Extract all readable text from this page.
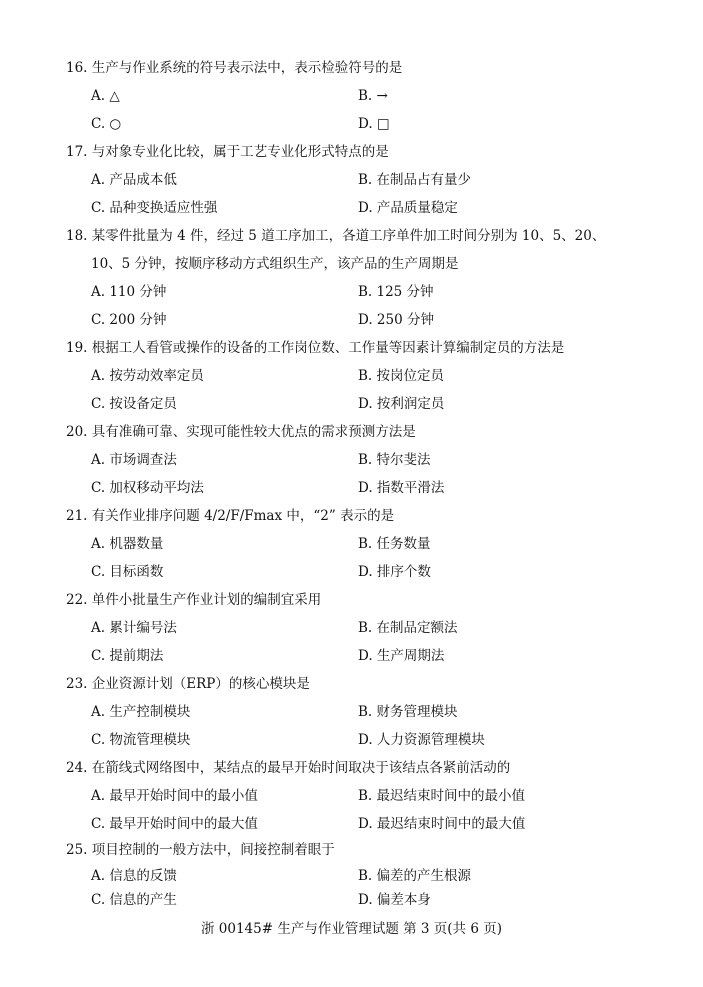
16. 生产与作业系统的符号表示法中，表示检验符号的是
A. △	B. →
C. ○	D. □
17. 与对象专业化比较，属于工艺专业化形式特点的是
A. 产品成本低	B. 在制品占有量少
C. 品种变换适应性强	D. 产品质量稳定
18. 某零件批量为 4 件，经过 5 道工序加工，各道工序单件加工时间分别为 10、5、20、
10、5 分钟，按顺序移动方式组织生产，该产品的生产周期是
A. 110 分钟	B. 125 分钟
C. 200 分钟	D. 250 分钟
19. 根据工人看管或操作的设备的工作岗位数、工作量等因素计算编制定员的方法是
A. 按劳动效率定员	B. 按岗位定员
C. 按设备定员	D. 按利润定员
20. 具有准确可靠、实现可能性较大优点的需求预测方法是
A. 市场调查法	B. 特尔斐法
C. 加权移动平均法	D. 指数平滑法
21. 有关作业排序问题 4/2/F/Fmax 中，“2” 表示的是
A. 机器数量	B. 任务数量
C. 目标函数	D. 排序个数
22. 单件小批量生产作业计划的编制宜采用
A. 累计编号法	B. 在制品定额法
C. 提前期法	D. 生产周期法
23. 企业资源计划（ERP）的核心模块是
A. 生产控制模块	B. 财务管理模块
C. 物流管理模块	D. 人力资源管理模块
24. 在箭线式网络图中，某结点的最早开始时间取决于该结点各紧前活动的
A. 最早开始时间中的最小值	B. 最迟结束时间中的最小值
C. 最早开始时间中的最大值	D. 最迟结束时间中的最大值
25. 项目控制的一般方法中，间接控制着眼于
A. 信息的反馈	B. 偏差的产生根源
C. 信息的产生	D. 偏差本身
浙 00145# 生产与作业管理试题 第 3 页(共 6 页)
